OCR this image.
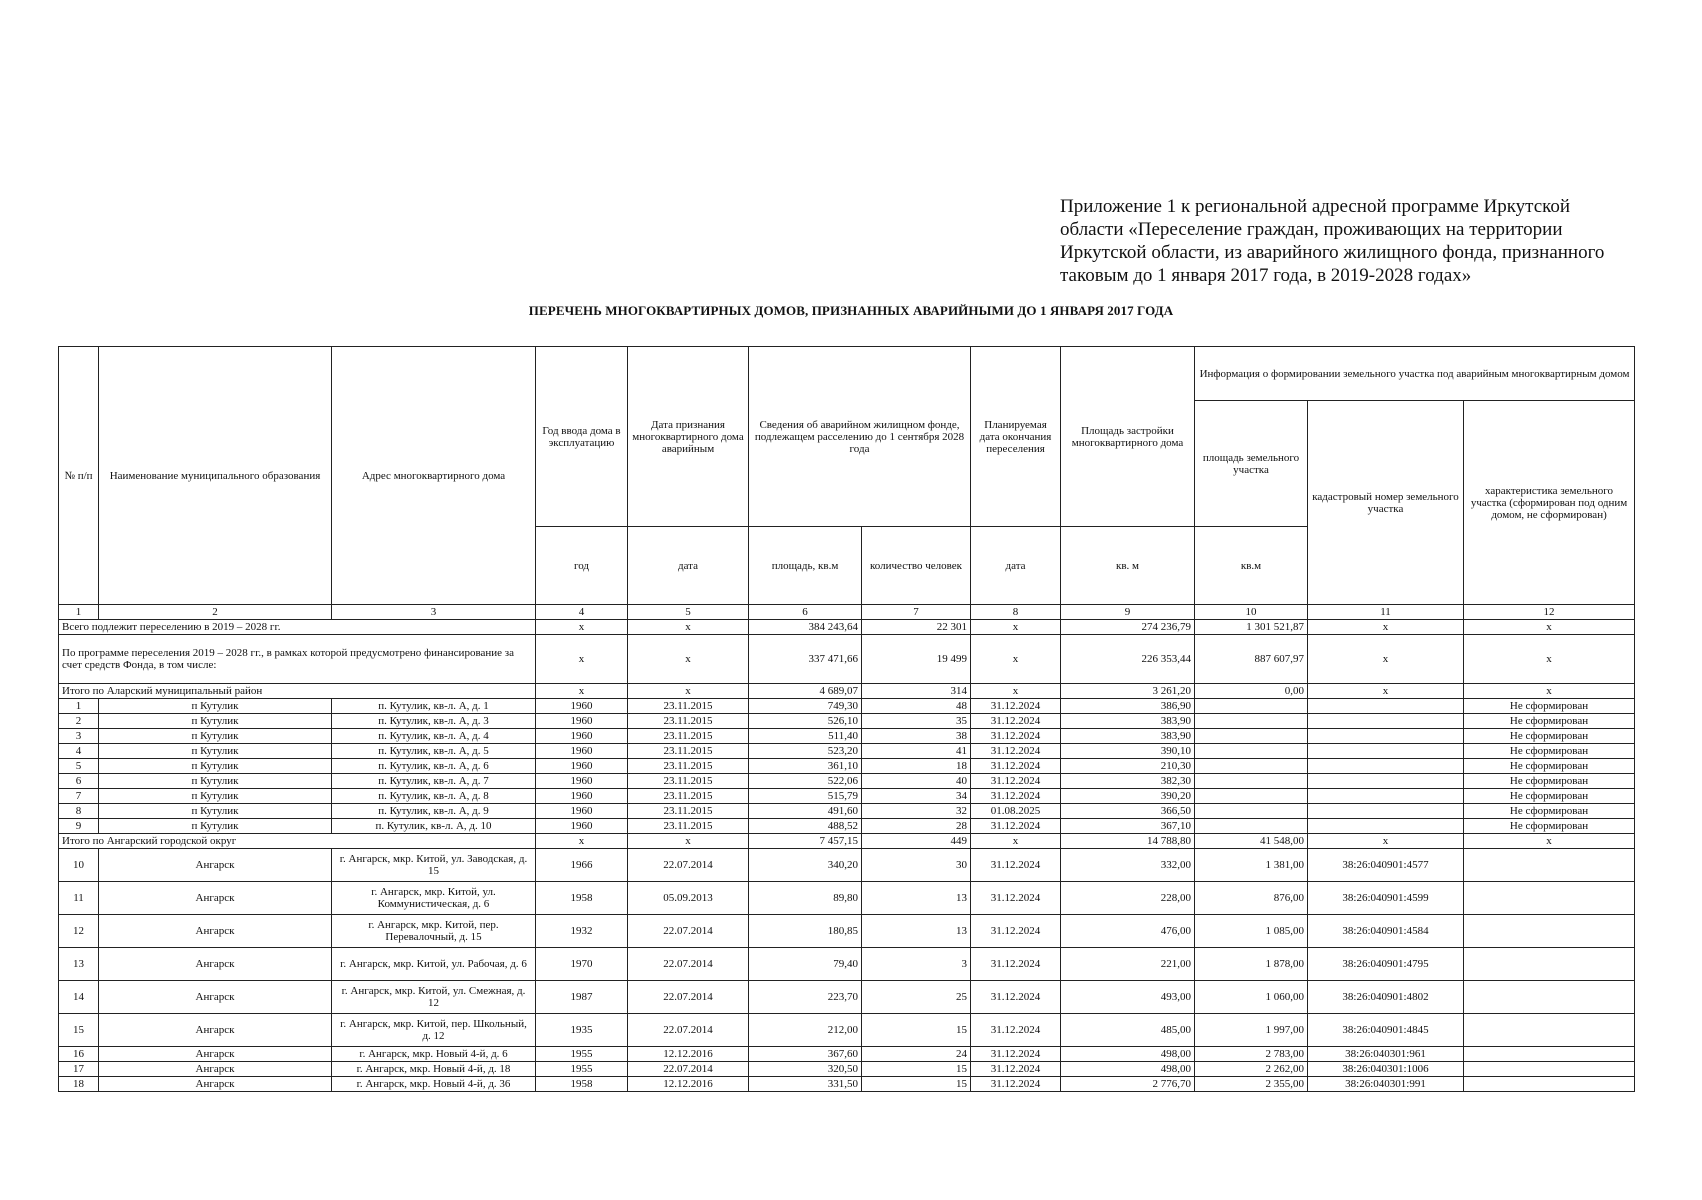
Приложение 1 к региональной адресной программе Иркутской
области «Переселение граждан, проживающих на территории
Иркутской области, из аварийного жилищного фонда, признанного
таковым до 1 января 2017 года, в 2019-2028 годах»
ПЕРЕЧЕНЬ МНОГОКВАРТИРНЫХ ДОМОВ, ПРИЗНАННЫХ АВАРИЙНЫМИ ДО 1 ЯНВАРЯ 2017 ГОДА
№ п/п	Наименование муниципального образования	Адрес многоквартирного дома	Год ввода дома в эксплуатацию	Дата признания многоквартирного дома аварийным	Сведения об аварийном жилищном фонде, подлежащем расселению до 1 сентября 2028 года		Планируемая дата окончания переселения	Площадь застройки многоквартирного дома	Информация о формировании земельного участка под аварийным многоквартирным домом		
									площадь земельного участка	кадастровый номер земельного участка	характеристика земельного участка (сформирован под одним домом, не сформирован)
			год	дата	площадь, кв.м	количество человек	дата	кв. м	кв.м		
1	2	3	4	5	6	7	8	9	10	11	12
Всего подлежит переселению в 2019 – 2028 гг.			x	x	384 243,64	22 301	x	274 236,79	1 301 521,87	x	x
По программе переселения 2019 – 2028 гг., в рамках которой предусмотрено финансирование за счет средств Фонда, в том числе:			x	x	337 471,66	19 499	x	226 353,44	887 607,97	x	x
Итого по Аларский муниципальный район			x	x	4 689,07	314	x	3 261,20	0,00	x	x
1	п Кутулик	п. Кутулик, кв-л. А, д. 1	1960	23.11.2015	749,30	48	31.12.2024	386,90			Не сформирован
2	п Кутулик	п. Кутулик, кв-л. А, д. 3	1960	23.11.2015	526,10	35	31.12.2024	383,90			Не сформирован
3	п Кутулик	п. Кутулик, кв-л. А, д. 4	1960	23.11.2015	511,40	38	31.12.2024	383,90			Не сформирован
4	п Кутулик	п. Кутулик, кв-л. А, д. 5	1960	23.11.2015	523,20	41	31.12.2024	390,10			Не сформирован
5	п Кутулик	п. Кутулик, кв-л. А, д. 6	1960	23.11.2015	361,10	18	31.12.2024	210,30			Не сформирован
6	п Кутулик	п. Кутулик, кв-л. А, д. 7	1960	23.11.2015	522,06	40	31.12.2024	382,30			Не сформирован
7	п Кутулик	п. Кутулик, кв-л. А, д. 8	1960	23.11.2015	515,79	34	31.12.2024	390,20			Не сформирован
8	п Кутулик	п. Кутулик, кв-л. А, д. 9	1960	23.11.2015	491,60	32	01.08.2025	366,50			Не сформирован
9	п Кутулик	п. Кутулик, кв-л. А, д. 10	1960	23.11.2015	488,52	28	31.12.2024	367,10			Не сформирован
Итого по Ангарский городской округ			x	x	7 457,15	449	x	14 788,80	41 548,00	x	x
10	Ангарск	г. Ангарск, мкр. Китой, ул. Заводская, д. 15	1966	22.07.2014	340,20	30	31.12.2024	332,00	1 381,00	38:26:040901:4577	
11	Ангарск	г. Ангарск, мкр. Китой, ул. Коммунистическая, д. 6	1958	05.09.2013	89,80	13	31.12.2024	228,00	876,00	38:26:040901:4599	
12	Ангарск	г. Ангарск, мкр. Китой, пер. Перевалочный, д. 15	1932	22.07.2014	180,85	13	31.12.2024	476,00	1 085,00	38:26:040901:4584	
13	Ангарск	г. Ангарск, мкр. Китой, ул. Рабочая, д. 6	1970	22.07.2014	79,40	3	31.12.2024	221,00	1 878,00	38:26:040901:4795	
14	Ангарск	г. Ангарск, мкр. Китой, ул. Смежная, д. 12	1987	22.07.2014	223,70	25	31.12.2024	493,00	1 060,00	38:26:040901:4802	
15	Ангарск	г. Ангарск, мкр. Китой, пер. Школьный, д. 12	1935	22.07.2014	212,00	15	31.12.2024	485,00	1 997,00	38:26:040901:4845	
16	Ангарск	г. Ангарск, мкр. Новый 4-й, д. 6	1955	12.12.2016	367,60	24	31.12.2024	498,00	2 783,00	38:26:040301:961	
17	Ангарск	г. Ангарск, мкр. Новый 4-й, д. 18	1955	22.07.2014	320,50	15	31.12.2024	498,00	2 262,00	38:26:040301:1006	
18	Ангарск	г. Ангарск, мкр. Новый 4-й, д. 36	1958	12.12.2016	331,50	15	31.12.2024	2 776,70	2 355,00	38:26:040301:991	
